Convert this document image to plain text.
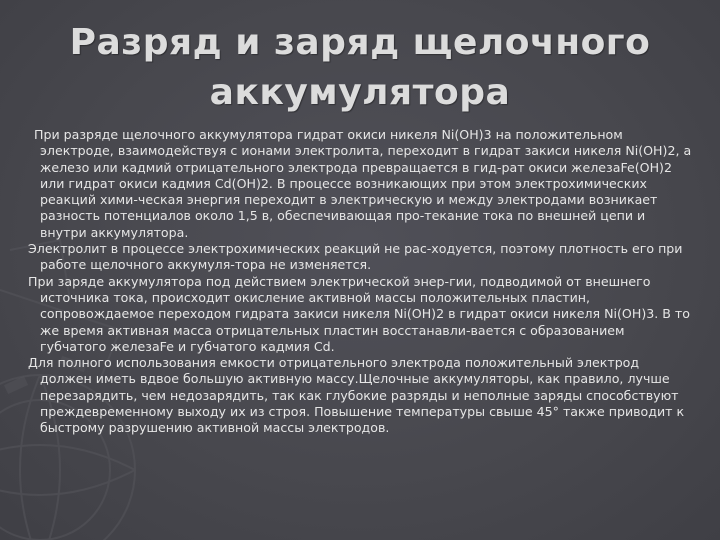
Разряд и заряд щелочного
аккумулятора

При разряде щелочного аккумулятора гидрат окиси никеля Ni(OH)3 на положительном электроде, взаимодействуя с ионами электролита, переходит в гидрат закиси никеля Ni(OH)2, а железо или кадмий отрицательного электрода превращается в гид-рат окиси железаFe(OH)2 или гидрат окиси кадмия Cd(OH)2. В процессе возникающих при этом электрохимических реакций хими-ческая энергия переходит в электрическую и между электродами возникает разность потенциалов около 1,5 в, обеспечивающая про-текание тока по внешней цепи и внутри аккумулятора.

Электролит в процессе электрохимических реакций не рас-ходуется, поэтому плотность его при работе щелочного аккумуля-тора не изменяется.

При заряде аккумулятора под действием электрической энер-гии, подводимой от внешнего источника тока, происходит окисление активной массы положительных пластин, сопровождаемое переходом гидрата закиси никеля Ni(OH)2 в гидрат окиси никеля Ni(OH)3. В то же время активная масса отрицательных пластин восстанавли-вается с образованием губчатого железаFe и губчатого кадмия Cd.

Для полного использования емкости отрицательного электрода положительный электрод должен иметь вдвое большую активную массу.Щелочные аккумуляторы, как правило, лучше перезарядить, чем недозарядить, так как глубокие разряды и неполные заряды способствуют преждевременному выходу их из строя. Повышение температуры свыше 45° также приводит к быстрому разрушению активной массы электродов.
